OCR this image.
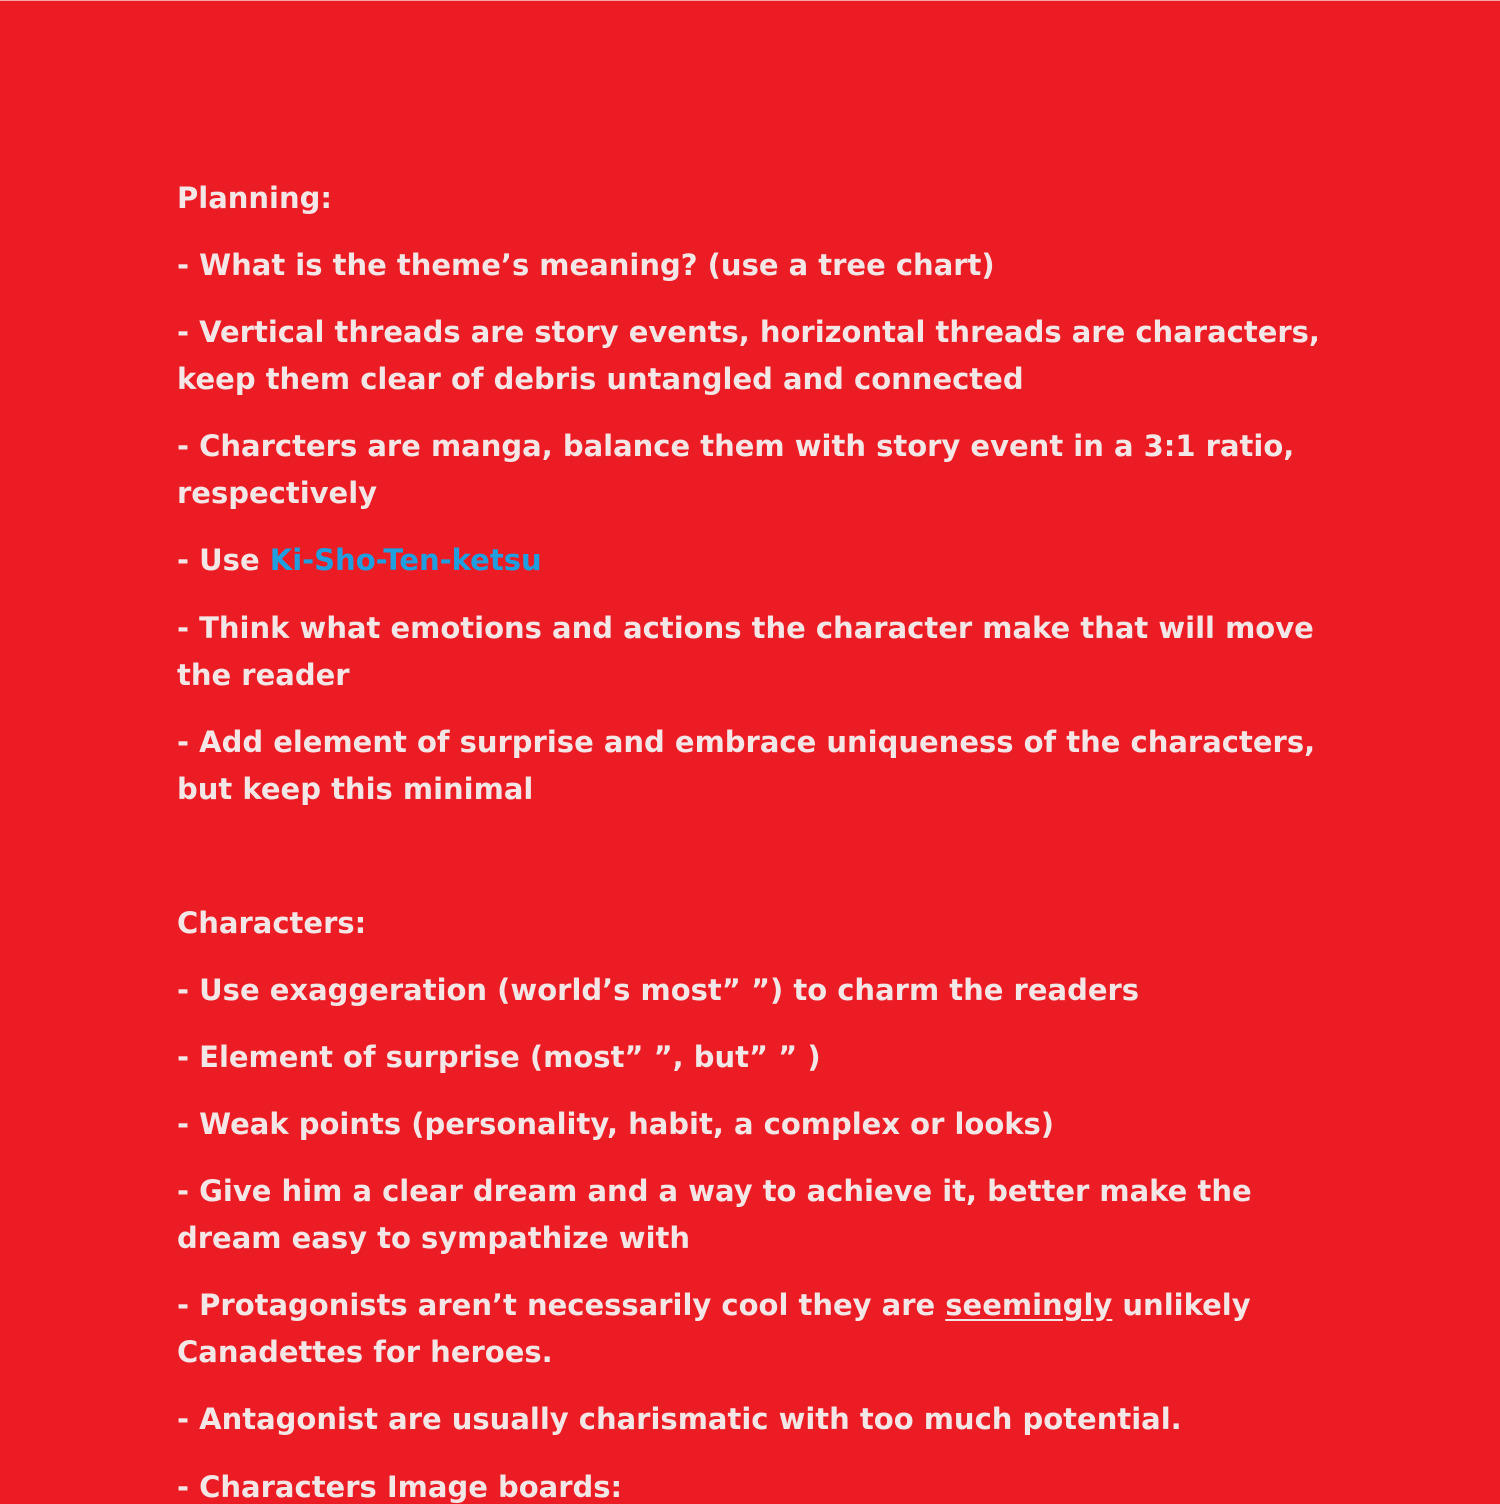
Planning:
- What is the theme’s meaning? (use a tree chart)
- Vertical threads are story events, horizontal threads are characters,
keep them clear of debris untangled and connected
- Charcters are manga, balance them with story event in a 3:1 ratio,
respectively
- Use Ki-Sho-Ten-ketsu
- Think what emotions and actions the character make that will move
the reader
- Add element of surprise and embrace uniqueness of the characters,
but keep this minimal
Characters:
- Use exaggeration (world’s most” ”) to charm the readers
- Element of surprise (most” ”, but” ” )
- Weak points (personality, habit, a complex or looks)
- Give him a clear dream and a way to achieve it, better make the
dream easy to sympathize with
- Protagonists aren’t necessarily cool they are seemingly unlikely
Canadettes for heroes.
- Antagonist are usually charismatic with too much potential.
- Characters Image boards:
